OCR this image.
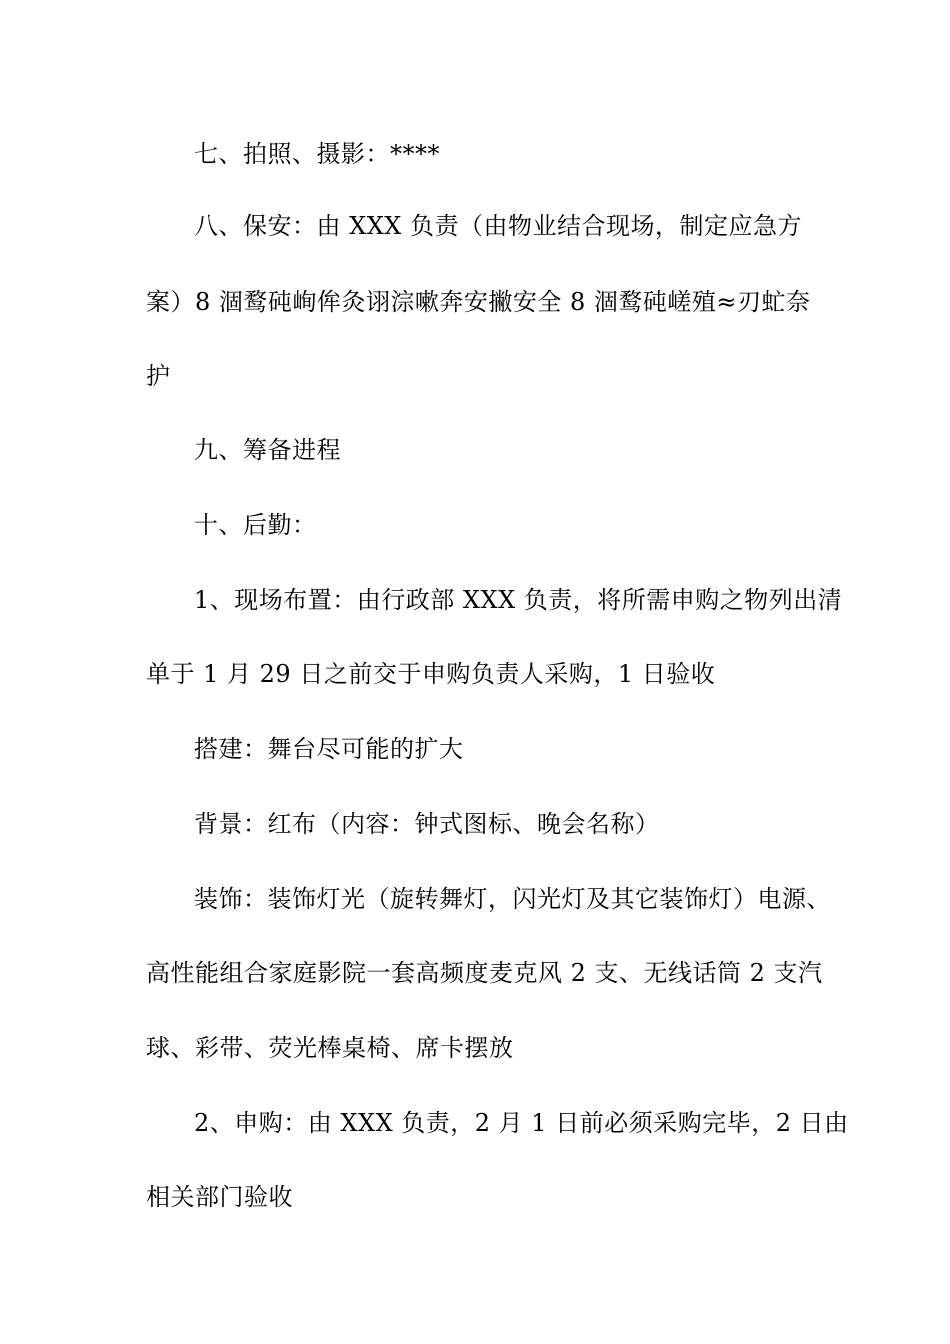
七、拍照、摄影：****
八、保安：由 XXX 负责（由物业结合现场，制定应急方
案）8 涸鹜砘峋侔灸诩淙嗽奔安撇安全 8 涸鹜砘嵯殖≈刃虻奈
护
九、筹备进程
十、后勤：
1、现场布置：由行政部 XXX 负责，将所需申购之物列出清
单于 1 月 29 日之前交于申购负责人采购，1 日验收
搭建：舞台尽可能的扩大
背景：红布（内容：钟式图标、晚会名称）
装饰：装饰灯光（旋转舞灯，闪光灯及其它装饰灯）电源、
高性能组合家庭影院一套高频度麦克风 2 支、无线话筒 2 支汽
球、彩带、荧光棒桌椅、席卡摆放
2、申购：由 XXX 负责，2 月 1 日前必须采购完毕，2 日由
相关部门验收
